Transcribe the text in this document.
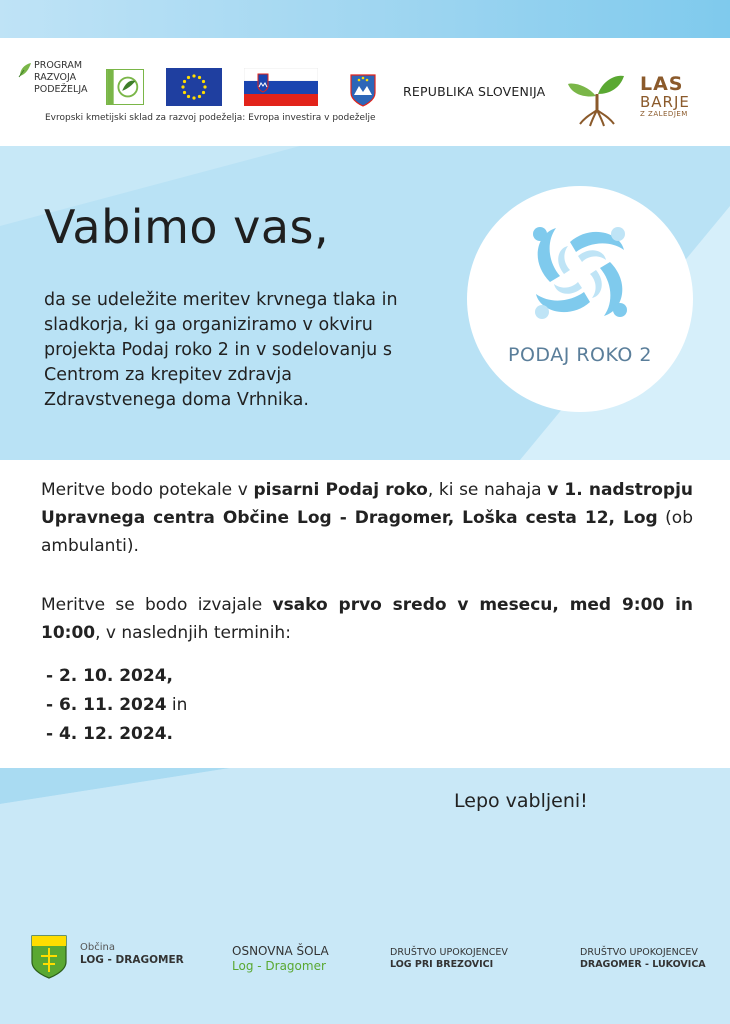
PROGRAM
RAZVOJA
PODEŽELJA	REPUBLIKA SLOVENIJA
Evropski kmetijski sklad za razvoj podeželja: Evropa investira v podeželje
LAS
BARJE
Z ZALEDJEM
Vabimo vas,

da se udeležite meritev krvnega tlaka in sladkorja, ki ga organiziramo v okviru projekta Podaj roko 2 in v sodelovanju s Centrom za krepitev zdravja Zdravstvenega doma Vrhnika.

PODAJ ROKO 2

Meritve bodo potekale v pisarni Podaj roko, ki se nahaja v 1. nadstropju Upravnega centra Občine Log - Dragomer, Loška cesta 12, Log (ob ambulanti).

Meritve se bodo izvajale vsako prvo sredo v mesecu, med 9:00 in 10:00, v naslednjih terminih:

- 2. 10. 2024,
- 6. 11. 2024 in
- 4. 12. 2024.
Lepo vabljeni!
Občina
LOG - DRAGOMER
OSNOVNA ŠOLA
Log - Dragomer
DRUŠTVO UPOKOJENCEV
LOG PRI BREZOVICI
DRUŠTVO UPOKOJENCEV
DRAGOMER - LUKOVICA
